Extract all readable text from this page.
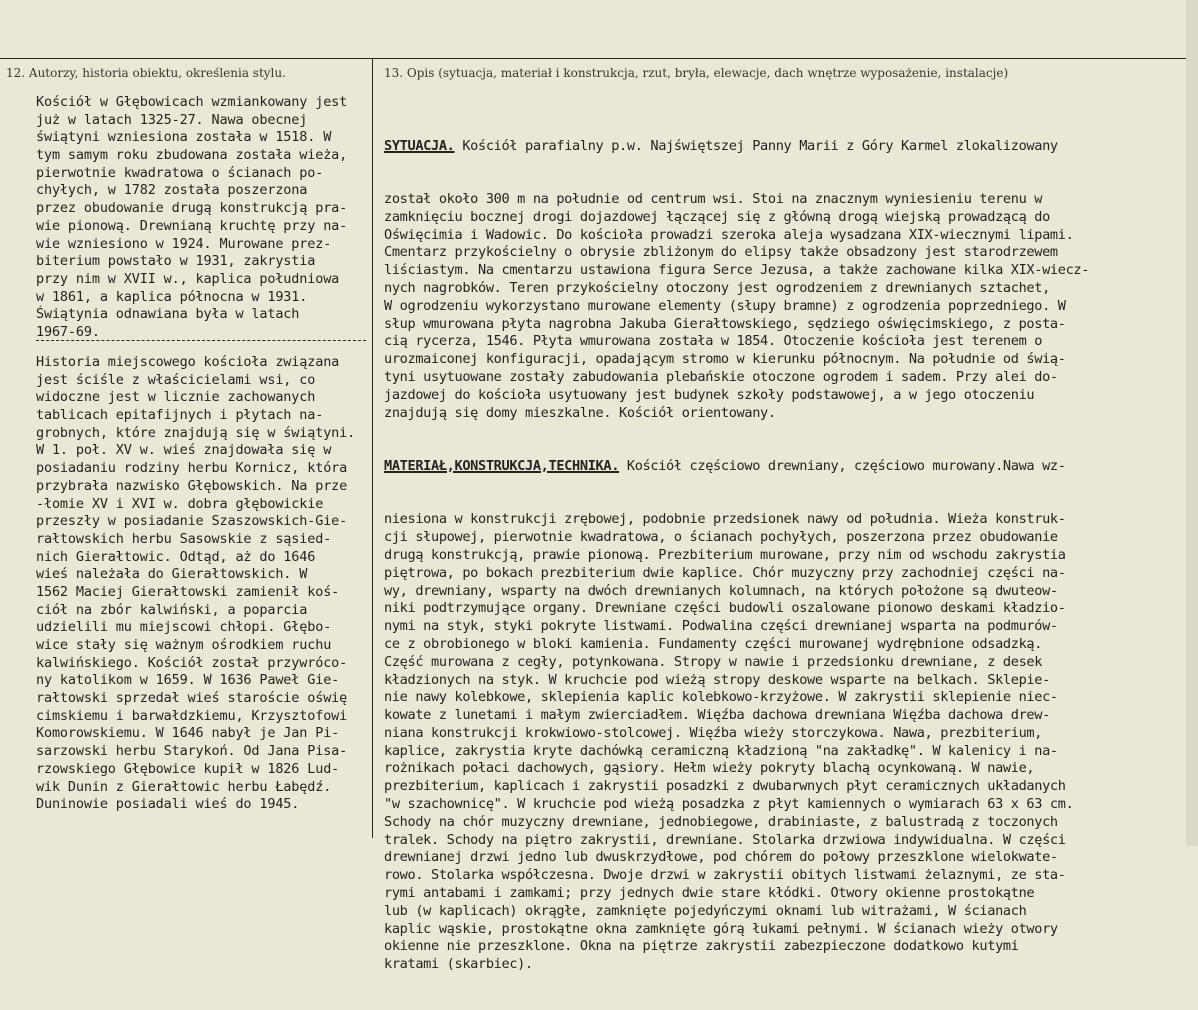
12. Autorzy, historia obiektu, określenia stylu.	13. Opis (sytuacja, materiał i konstrukcja, rzut, bryła, elewacje, dach wnętrze wyposażenie, instalacje)
Kościół w Głębowicach wzmiankowany jest
już w latach 1325-27. Nawa obecnej
świątyni wzniesiona została w 1518. W
tym samym roku zbudowana została wieża,
pierwotnie kwadratowa o ścianach po-
chyłych, w 1782 została poszerzona
przez obudowanie drugą konstrukcją pra-
wie pionową. Drewnianą kruchtę przy na-
wie wzniesiono w 1924. Murowane prez-
biterium powstało w 1931, zakrystia
przy nim w XVII w., kaplica południowa
w 1861, a kaplica północna w 1931.
Świątynia odnawiana była w latach
1967-69.
Historia miejscowego kościoła związana
jest ściśle z właścicielami wsi, co
widoczne jest w licznie zachowanych
tablicach epitafijnych i płytach na-
grobnych, które znajdują się w świątyni.
W 1. poł. XV w. wieś znajdowała się w
posiadaniu rodziny herbu Kornicz, która
przybrała nazwisko Głębowskich. Na prze
-łomie XV i XVI w. dobra głębowickie
przeszły w posiadanie Szaszowskich-Gie-
rałtowskich herbu Sasowskie z sąsied-
nich Gierałtowic. Odtąd, aż do 1646
wieś należała do Gierałtowskich. W
1562 Maciej Gierałtowski zamienił koś-
ciół na zbór kalwiński, a poparcia
udzielili mu miejscowi chłopi. Głębo-
wice stały się ważnym ośrodkiem ruchu
kalwińskiego. Kościół został przywróco-
ny katolikom w 1659. W 1636 Paweł Gie-
rałtowski sprzedał wieś staroście oświę
cimskiemu i barwałdzkiemu, Krzysztofowi
Komorowskiemu. W 1646 nabył je Jan Pi-
sarzowski herbu Starykoń. Od Jana Pisa-
rzowskiego Głębowice kupił w 1826 Lud-
wik Dunin z Gierałtowic herbu Łabędź.
Duninowie posiadali wieś do 1945.

SYTUACJA. Kościół parafialny p.w. Najświętszej Panny Marii z Góry Karmel zlokalizowany

został około 300 m na południe od centrum wsi. Stoi na znacznym wyniesieniu terenu w
zamknięciu bocznej drogi dojazdowej łączącej się z główną drogą wiejską prowadzącą do
Oświęcimia i Wadowic. Do kościoła prowadzi szeroka aleja wysadzana XIX-wiecznymi lipami.
Cmentarz przykościelny o obrysie zbliżonym do elipsy także obsadzony jest starodrzewem
liściastym. Na cmentarzu ustawiona figura Serce Jezusa, a także zachowane kilka XIX-wiecz-
nych nagrobków. Teren przykościelny otoczony jest ogrodzeniem z drewnianych sztachet,
W ogrodzeniu wykorzystano murowane elementy (słupy bramne) z ogrodzenia poprzedniego. W
słup wmurowana płyta nagrobna Jakuba Gierałtowskiego, sędziego oświęcimskiego, z posta-
cią rycerza, 1546. Płyta wmurowana została w 1854. Otoczenie kościoła jest terenem o
urozmaiconej konfiguracji, opadającym stromo w kierunku północnym. Na południe od świą-
tyni usytuowane zostały zabudowania plebańskie otoczone ogrodem i sadem. Przy alei do-
jazdowej do kościoła usytuowany jest budynek szkoły podstawowej, a w jego otoczeniu
znajdują się domy mieszkalne. Kościół orientowany.

MATERIAŁ,KONSTRUKCJA,TECHNIKA. Kościół częściowo drewniany, częściowo murowany.Nawa wz-

niesiona w konstrukcji zrębowej, podobnie przedsionek nawy od południa. Wieża konstruk-
cji słupowej, pierwotnie kwadratowa, o ścianach pochyłych, poszerzona przez obudowanie
drugą konstrukcją, prawie pionową. Prezbiterium murowane, przy nim od wschodu zakrystia
piętrowa, po bokach prezbiterium dwie kaplice. Chór muzyczny przy zachodniej części na-
wy, drewniany, wsparty na dwóch drewnianych kolumnach, na których położone są dwuteow-
niki podtrzymujące organy. Drewniane części budowli oszalowane pionowo deskami kładzio-
nymi na styk, styki pokryte listwami. Podwalina części drewnianej wsparta na podmurów-
ce z obrobionego w bloki kamienia. Fundamenty części murowanej wydrębnione odsadzką.
Część murowana z cegły, potynkowana. Stropy w nawie i przedsionku drewniane, z desek
kładzionych na styk. W kruchcie pod wieżą stropy deskowe wsparte na belkach. Sklepie-
nie nawy kolebkowe, sklepienia kaplic kolebkowo-krzyżowe. W zakrystii sklepienie niec-
kowate z lunetami i małym zwierciadłem. Więźba dachowa drewniana Więźba dachowa drew-
niana konstrukcji krokwiowo-stolcowej. Więźba wieży storczykowa. Nawa, prezbiterium,
kaplice, zakrystia kryte dachówką ceramiczną kładzioną "na zakładkę". W kalenicy i na-
rożnikach połaci dachowych, gąsiory. Hełm wieży pokryty blachą ocynkowaną. W nawie,
prezbiterium, kaplicach i zakrystii posadzki z dwubarwnych płyt ceramicznych układanych
"w szachownicę". W kruchcie pod wieżą posadzka z płyt kamiennych o wymiarach 63 x 63 cm.
Schody na chór muzyczny drewniane, jednobiegowe, drabiniaste, z balustradą z toczonych
tralek. Schody na piętro zakrystii, drewniane. Stolarka drzwiowa indywidualna. W części
drewnianej drzwi jedno lub dwuskrzydłowe, pod chórem do połowy przeszklone wielokwate-
rowo. Stolarka współczesna. Dwoje drzwi w zakrystii obitych listwami żelaznymi, ze sta-
rymi antabami i zamkami; przy jednych dwie stare kłódki. Otwory okienne prostokątne
lub (w kaplicach) okrągłe, zamknięte pojedyńczymi oknami lub witrażami, W ścianach
kaplic wąskie, prostokątne okna zamknięte górą łukami pełnymi. W ścianach wieży otwory
okienne nie przeszklone. Okna na piętrze zakrystii zabezpieczone dodatkowo kutymi
kratami (skarbiec).
